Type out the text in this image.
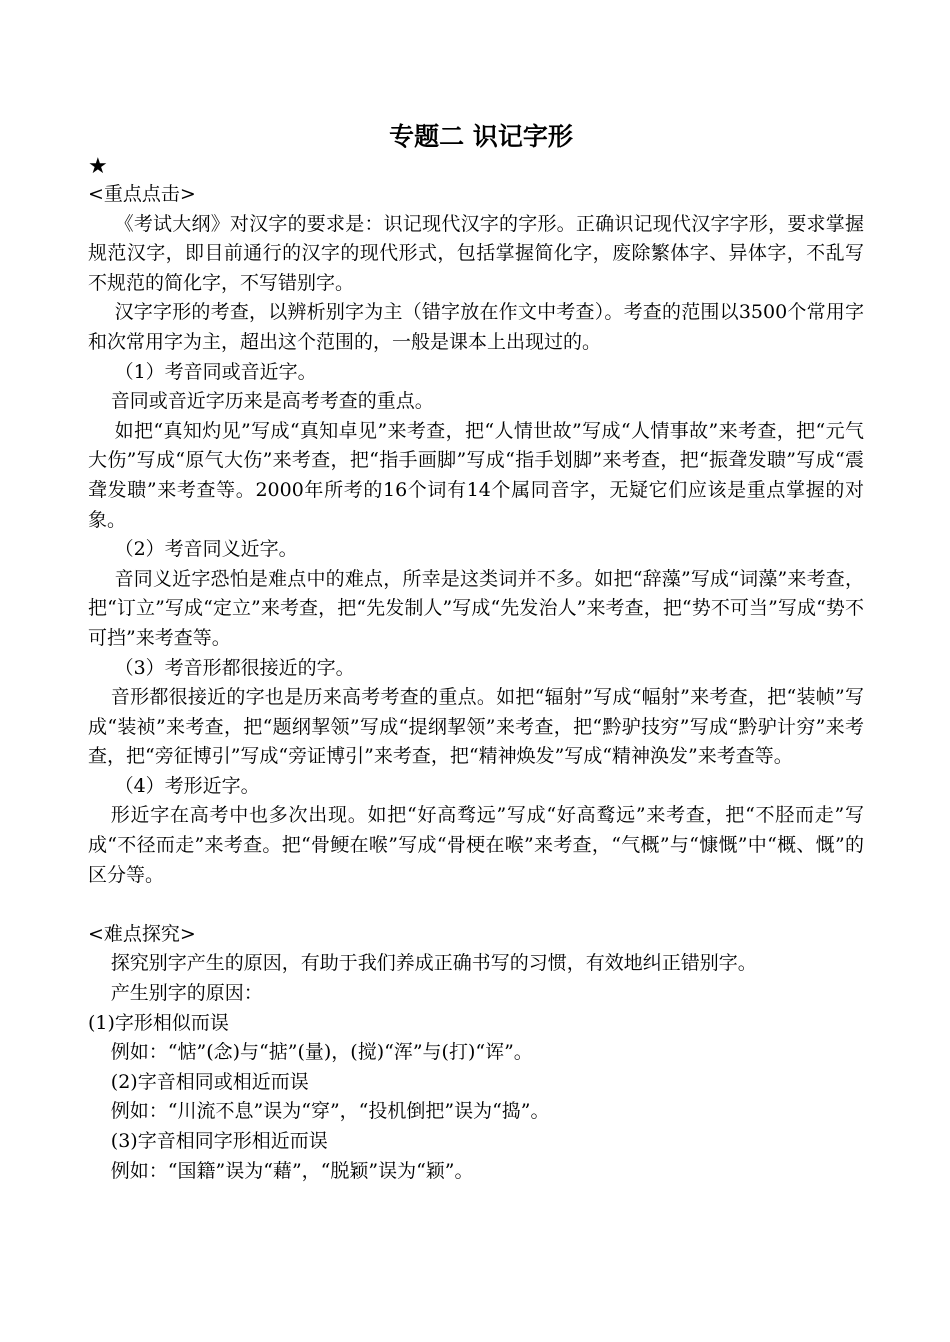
专题二 识记字形
★
<重点点击>
《考试大纲》对汉字的要求是：识记现代汉字的字形。正确识记现代汉字字形，要求掌握规范汉字，即目前通行的汉字的现代形式，包括掌握简化字，废除繁体字、异体字，不乱写不规范的简化字，不写错别字。
汉字字形的考查，以辨析别字为主（错字放在作文中考查）。考查的范围以3500个常用字和次常用字为主，超出这个范围的，一般是课本上出现过的。
（1）考音同或音近字。
音同或音近字历来是高考考查的重点。
如把“真知灼见”写成“真知卓见”来考查，把“人情世故”写成“人情事故”来考查，把“元气大伤”写成“原气大伤”来考查，把“指手画脚”写成“指手划脚”来考查，把“振聋发聩”写成“震聋发聩”来考查等。2000年所考的16个词有14个属同音字，无疑它们应该是重点掌握的对象。
（2）考音同义近字。
音同义近字恐怕是难点中的难点，所幸是这类词并不多。如把“辞藻”写成“词藻”来考查，把“订立”写成“定立”来考查，把“先发制人”写成“先发治人”来考查，把“势不可当”写成“势不可挡”来考查等。
（3）考音形都很接近的字。
音形都很接近的字也是历来高考考查的重点。如把“辐射”写成“幅射”来考查，把“装帧”写成“装祯”来考查，把“题纲挈领”写成“提纲挈领”来考查，把“黔驴技穷”写成“黔驴计穷”来考查，把“旁征博引”写成“旁证博引”来考查，把“精神焕发”写成“精神涣发”来考查等。
（4）考形近字。
形近字在高考中也多次出现。如把“好高骛远”写成“好高鹜远”来考查，把“不胫而走”写成“不径而走”来考查。把“骨鲠在喉”写成“骨梗在喉”来考查，“气概”与“慷慨”中“概、慨”的区分等。
<难点探究>
探究别字产生的原因，有助于我们养成正确书写的习惯，有效地纠正错别字。
产生别字的原因：
(1)字形相似而误
例如：“惦”(念)与“掂”(量)，(搅)“浑”与(打)“诨”。
(2)字音相同或相近而误
例如：“川流不息”误为“穿”，“投机倒把”误为“捣”。
(3)字音相同字形相近而误
例如：“国籍”误为“藉”，“脱颖”误为“颖”。
